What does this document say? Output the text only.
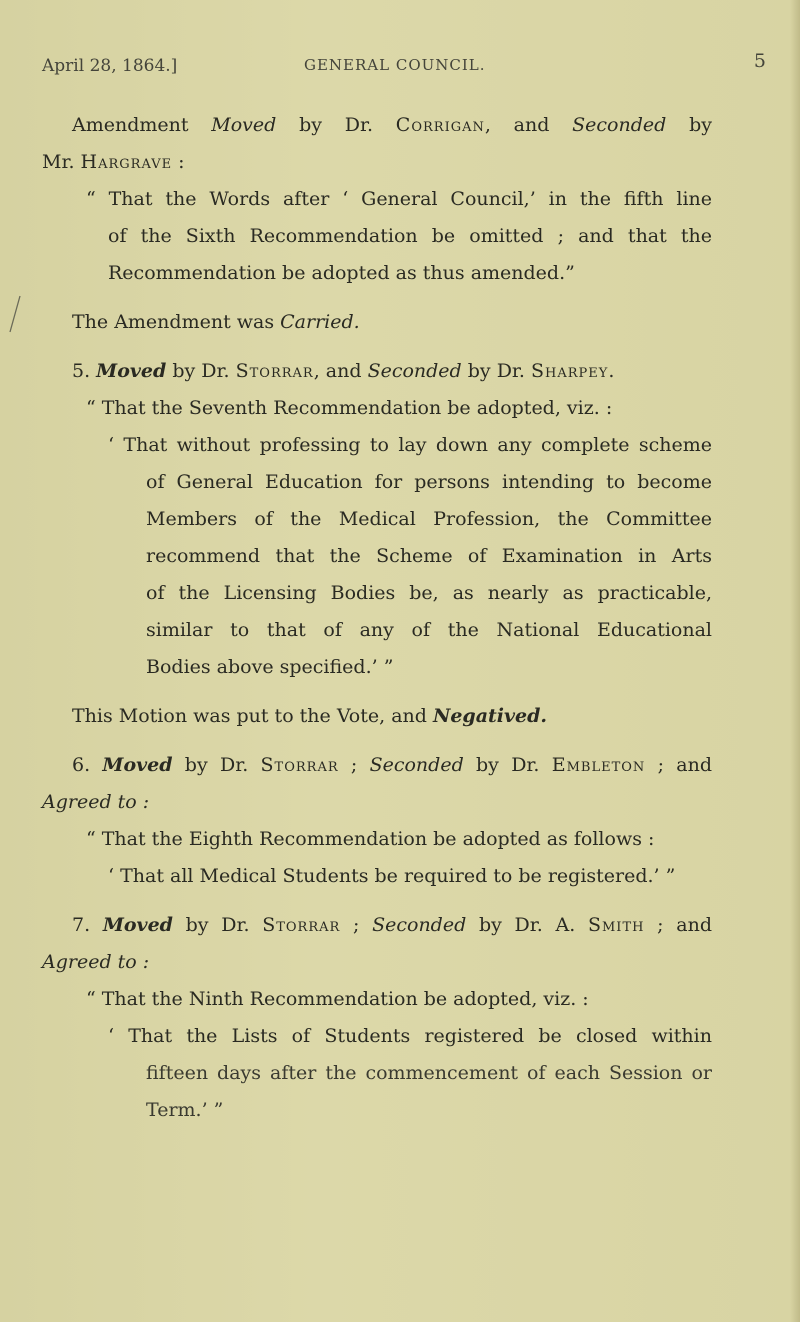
April 28, 1864.]	GENERAL COUNCIL.	5
Amendment Moved by Dr. Corrigan, and Seconded by
Mr. Hargrave :
“ That the Words after ‘ General Council,’ in the fifth line
of the Sixth Recommendation be omitted ; and that the
Recommendation be adopted as thus amended.”
The Amendment was Carried.
5. Moved by Dr. Storrar, and Seconded by Dr. Sharpey.
“ That the Seventh Recommendation be adopted, viz. :
‘ That without professing to lay down any complete scheme
of General Education for persons intending to become
Members of the Medical Profession, the Committee
recommend that the Scheme of Examination in Arts
of the Licensing Bodies be, as nearly as practicable,
similar to that of any of the National Educational
Bodies above specified.’ ”
This Motion was put to the Vote, and Negatived.
6. Moved by Dr. Storrar ; Seconded by Dr. Embleton ; and
Agreed to :
“ That the Eighth Recommendation be adopted as follows :
‘ That all Medical Students be required to be registered.’ ”
7. Moved by Dr. Storrar ; Seconded by Dr. A. Smith ; and
Agreed to :
“ That the Ninth Recommendation be adopted, viz. :
‘ That the Lists of Students registered be closed within
fifteen days after the commencement of each Session or
Term.’ ”
